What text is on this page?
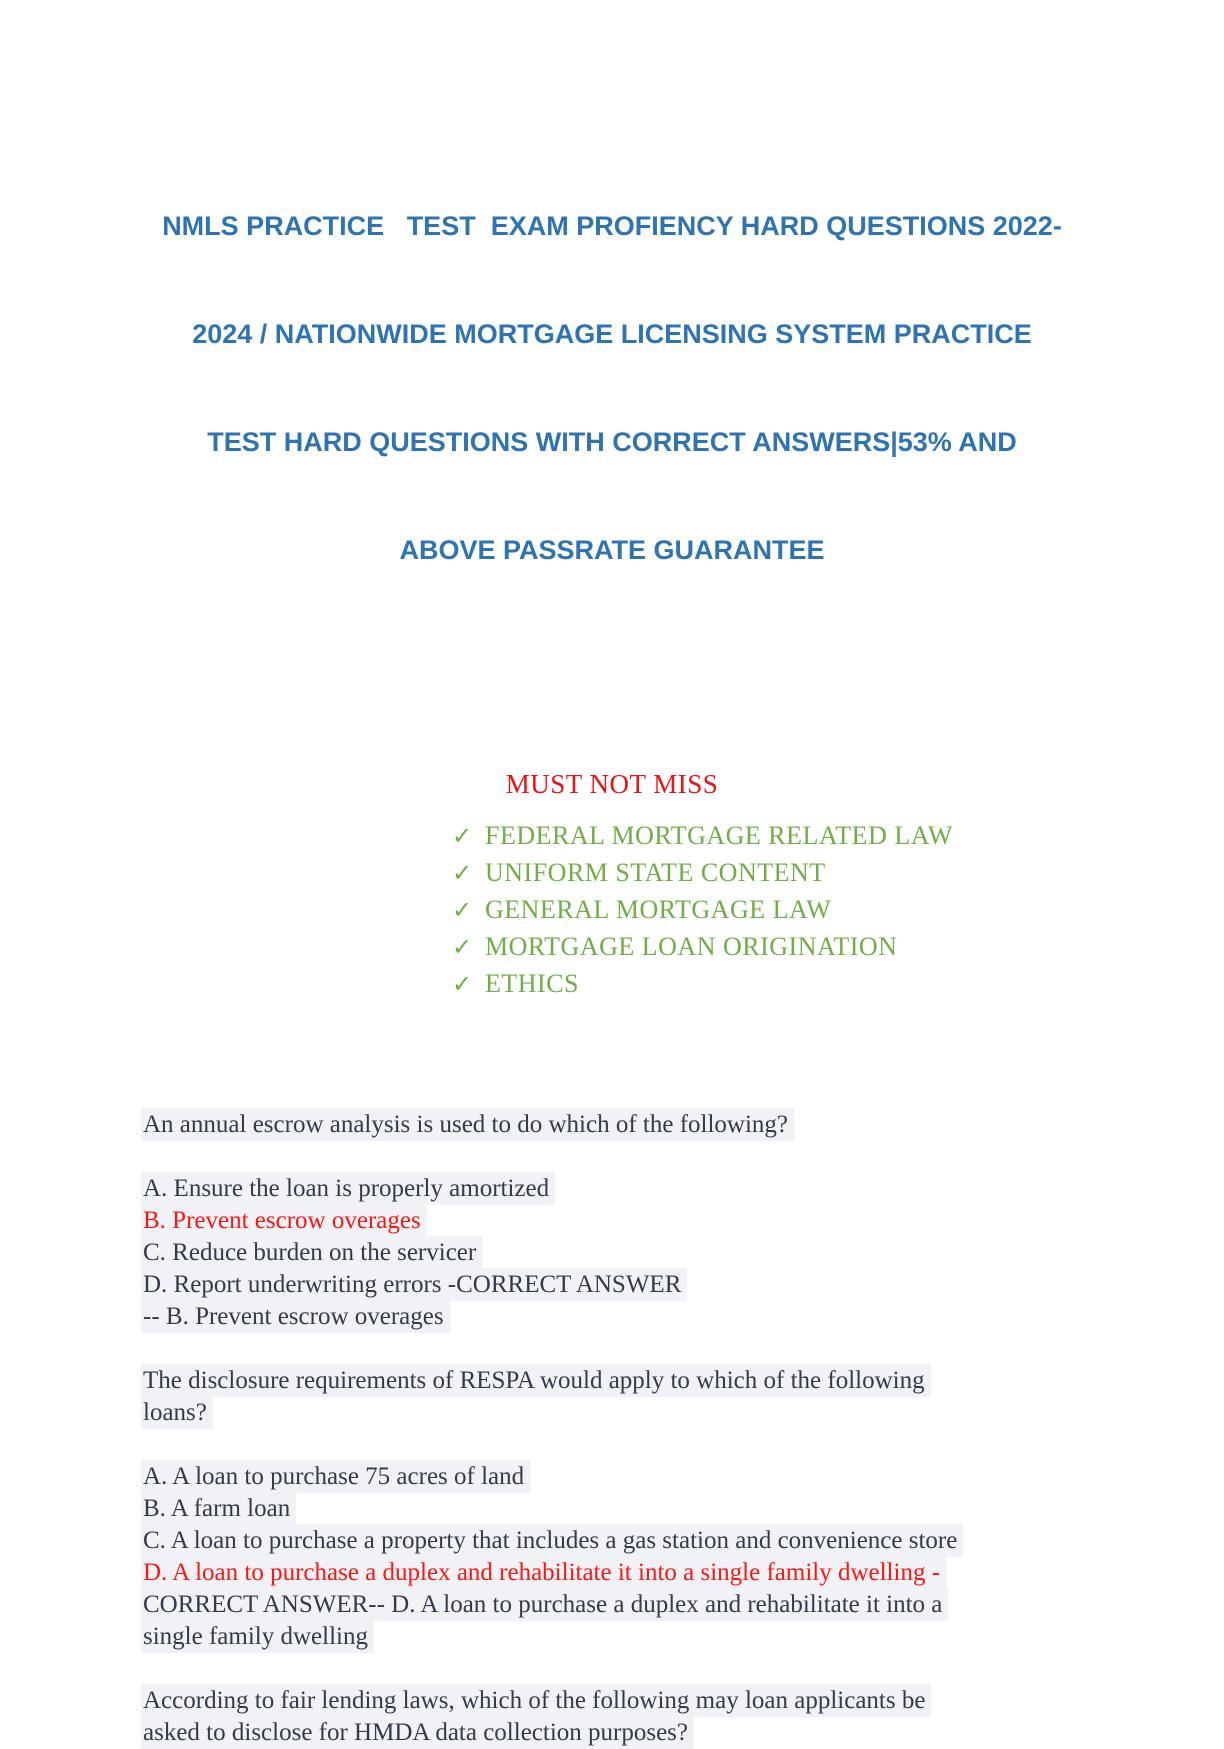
NMLS PRACTICE   TEST  EXAM PROFIENCY HARD QUESTIONS 2022-

2024 / NATIONWIDE MORTGAGE LICENSING SYSTEM PRACTICE

TEST HARD QUESTIONS WITH CORRECT ANSWERS|53% AND

ABOVE PASSRATE GUARANTEE

MUST NOT MISS
✓ FEDERAL MORTGAGE RELATED LAW
✓ UNIFORM STATE CONTENT
✓ GENERAL MORTGAGE LAW
✓ MORTGAGE LOAN ORIGINATION
✓ ETHICS
An annual escrow analysis is used to do which of the following?
A. Ensure the loan is properly amortized
B. Prevent escrow overages
C. Reduce burden on the servicer
D. Report underwriting errors -CORRECT ANSWER
-- B. Prevent escrow overages
The disclosure requirements of RESPA would apply to which of the following
loans?
A. A loan to purchase 75 acres of land
B. A farm loan
C. A loan to purchase a property that includes a gas station and convenience store
D. A loan to purchase a duplex and rehabilitate it into a single family dwelling -
CORRECT ANSWER-- D. A loan to purchase a duplex and rehabilitate it into a
single family dwelling
According to fair lending laws, which of the following may loan applicants be
asked to disclose for HMDA data collection purposes?
